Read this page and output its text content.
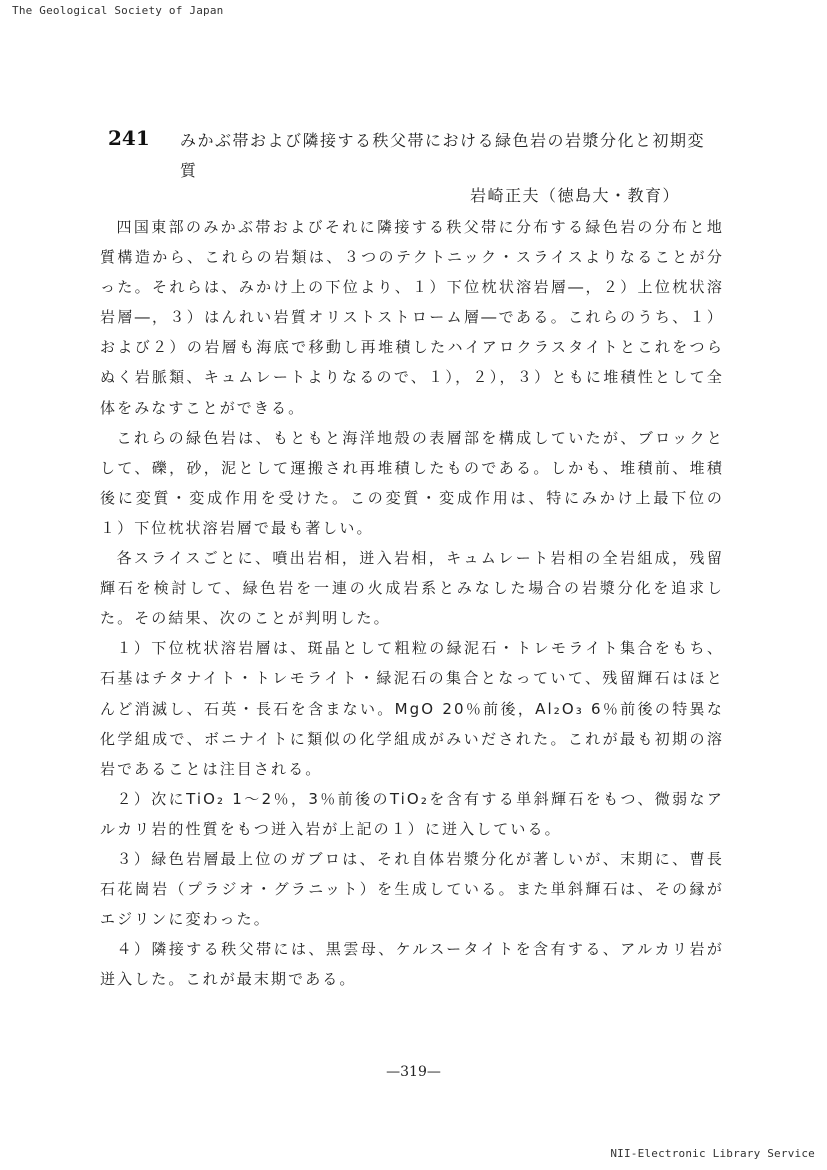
The Geological Society of Japan
241 みかぶ帯および隣接する秩父帯における緑色岩の岩漿分化と初期変質
岩崎正夫（徳島大・教育）

四国東部のみかぶ帯およびそれに隣接する秩父帯に分布する緑色岩の分布と地質構造から、これらの岩類は、３つのテクトニック・スライスよりなることが分った。それらは、みかけ上の下位より、１）下位枕状溶岩層―，２）上位枕状溶岩層―，３）はんれい岩質オリストストローム層―である。これらのうち、１）および２）の岩層も海底で移動し再堆積したハイアロクラスタイトとこれをつらぬく岩脈類、キュムレートよりなるので、１），２），３）ともに堆積性として全体をみなすことができる。

これらの緑色岩は、もともと海洋地殻の表層部を構成していたが、ブロックとして、礫，砂，泥として運搬され再堆積したものである。しかも、堆積前、堆積後に変質・変成作用を受けた。この変質・変成作用は、特にみかけ上最下位の１）下位枕状溶岩層で最も著しい。

各スライスごとに、噴出岩相，迸入岩相，キュムレート岩相の全岩組成，残留輝石を検討して、緑色岩を一連の火成岩系とみなした場合の岩漿分化を追求した。その結果、次のことが判明した。

１）下位枕状溶岩層は、斑晶として粗粒の緑泥石・トレモライト集合をもち、石基はチタナイト・トレモライト・緑泥石の集合となっていて、残留輝石はほとんど消滅し、石英・長石を含まない。MgO 20％前後，Al₂O₃ 6％前後の特異な化学組成で、ボニナイトに類似の化学組成がみいだされた。これが最も初期の溶岩であることは注目される。

２）次にTiO₂ 1～2％，3％前後のTiO₂を含有する単斜輝石をもつ、微弱なアルカリ岩的性質をもつ迸入岩が上記の１）に迸入している。

３）緑色岩層最上位のガブロは、それ自体岩漿分化が著しいが、末期に、曹長石花崗岩（プラジオ・グラニット）を生成している。また単斜輝石は、その縁がエジリンに変わった。

４）隣接する秩父帯には、黒雲母、ケルスータイトを含有する、アルカリ岩が迸入した。これが最末期である。

—319—
NII-Electronic Library Service
